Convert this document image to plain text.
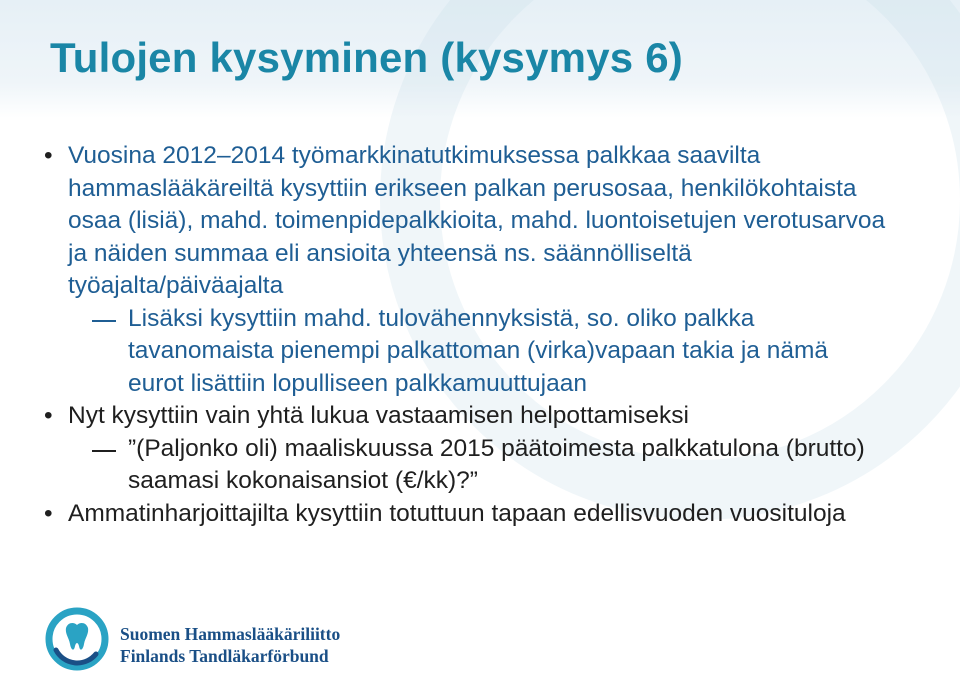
Tulojen kysyminen (kysymys 6)
• Vuosina 2012–2014 työmarkkinatutkimuksessa palkkaa saavilta hammaslääkäreiltä kysyttiin erikseen palkan perusosaa, henkilökohtaista osaa (lisiä), mahd. toimenpidepalkkioita, mahd. luontoisetujen verotusarvoa ja näiden summaa eli ansioita yhteensä ns. säännölliseltä työajalta/päiväajalta
Lisäksi kysyttiin mahd. tulovähennyksistä, so. oliko palkka tavanomaista pienempi palkattoman (virka)vapaan takia ja nämä eurot lisättiin lopulliseen palkkamuuttujaan
• Nyt kysyttiin vain yhtä lukua vastaamisen helpottamiseksi
”(Paljonko oli) maaliskuussa 2015 päätoimesta palkkatulona (brutto) saamasi kokonaisansiot (€/kk)?”
• Ammatinharjoittajilta kysyttiin totuttuun tapaan edellisvuoden vuosituloja
Suomen Hammaslääkäriliitto
Finlands Tandläkarförbund
